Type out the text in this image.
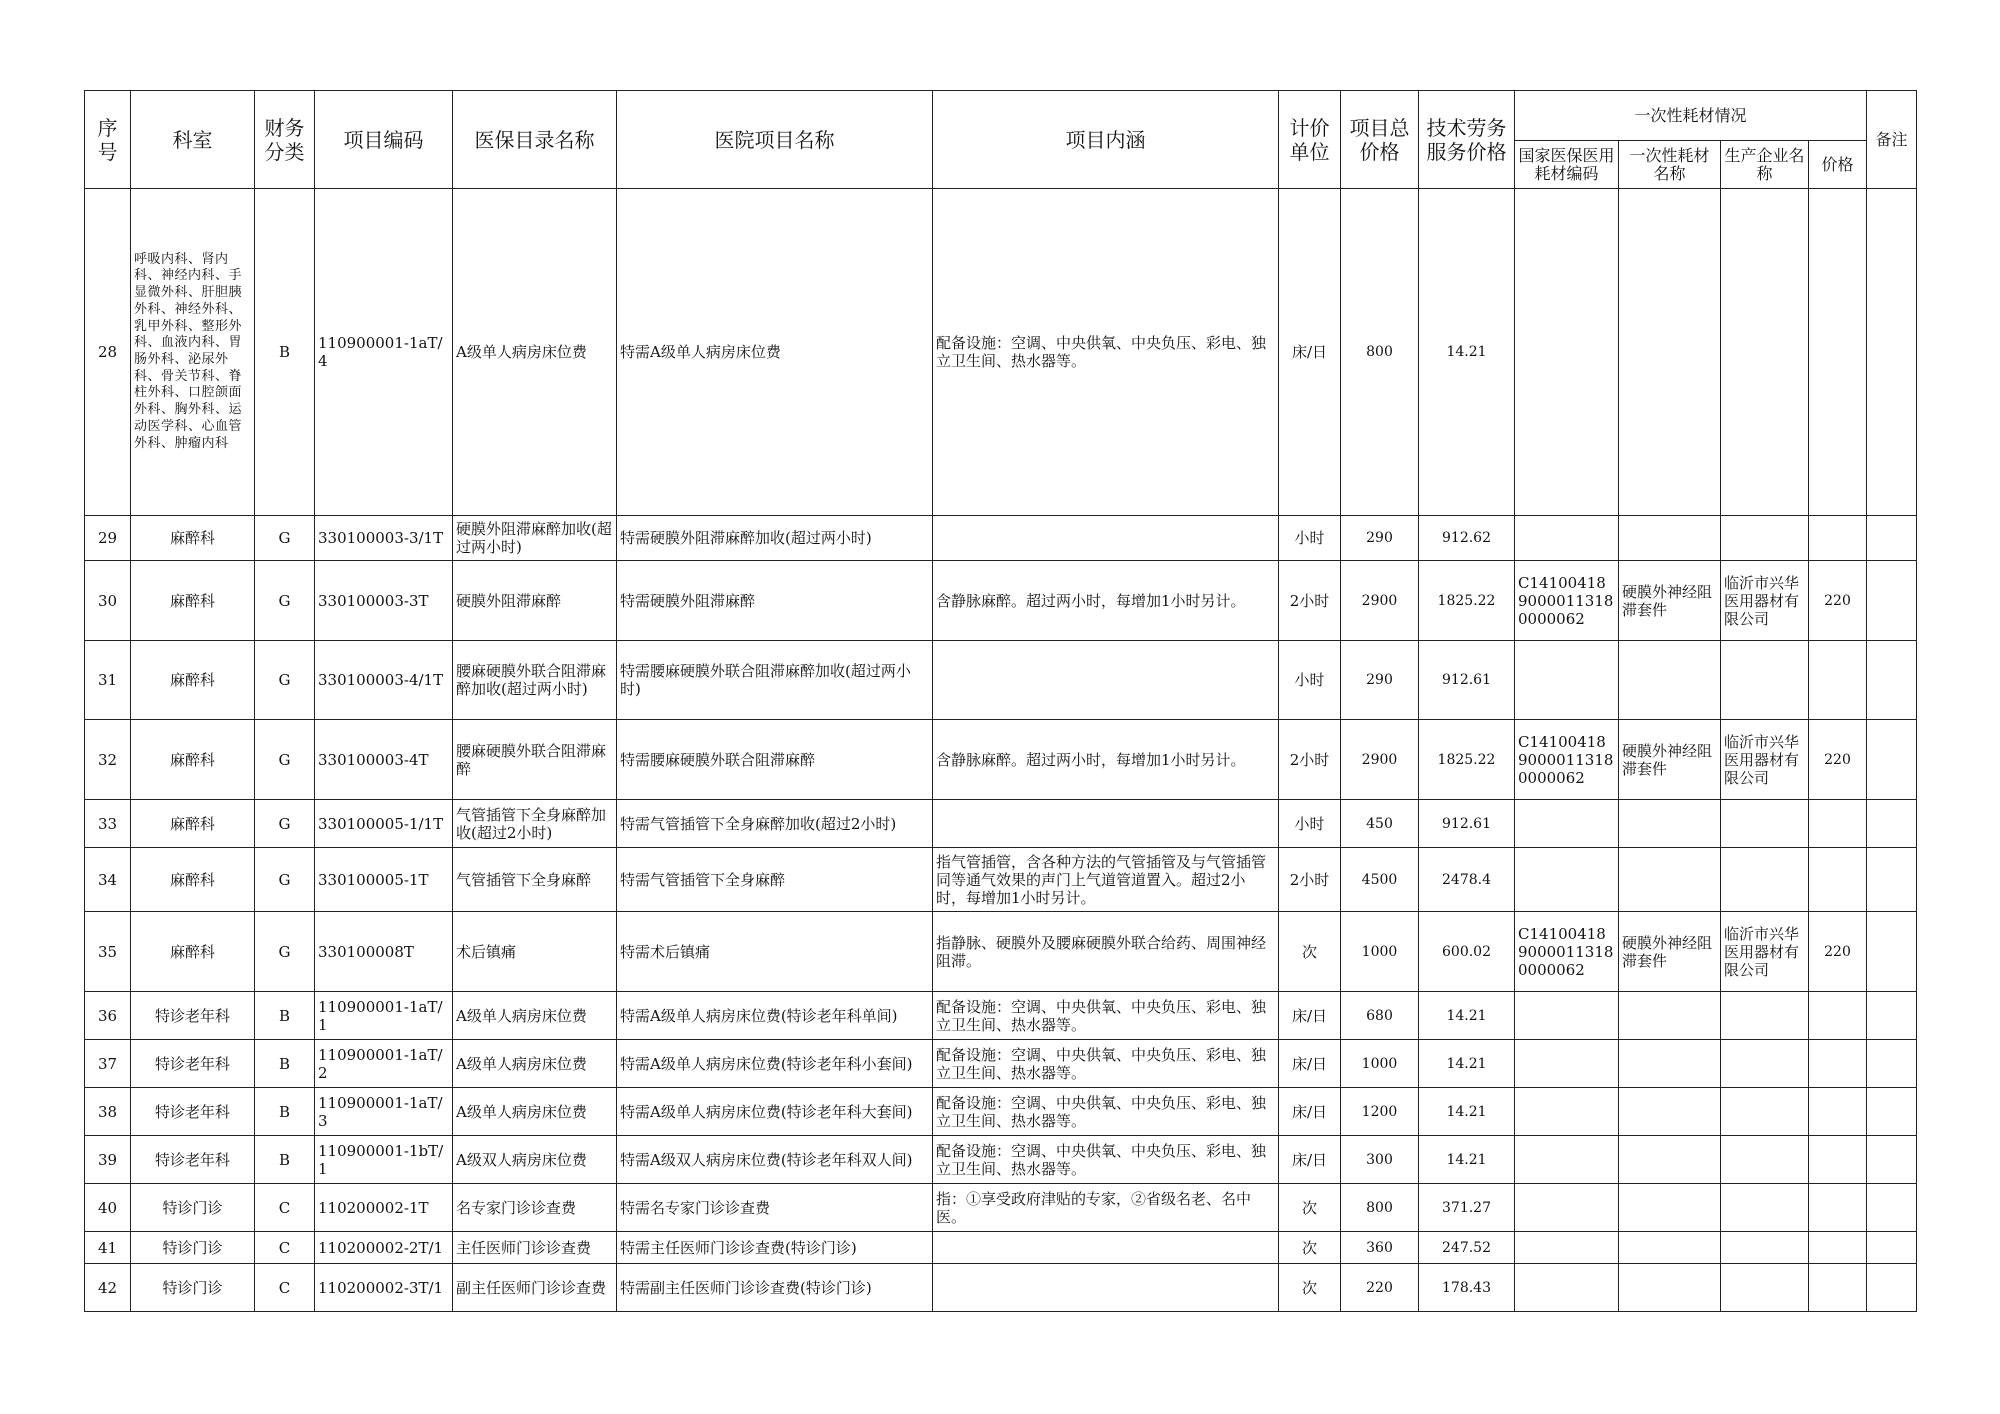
序号	科室	财务分类	项目编码	医保目录名称	医院项目名称	项目内涵	计价单位	项目总价格	技术劳务服务价格	一次性耗材情况				备注
										国家医保医用耗材编码	一次性耗材名称	生产企业名称	价格	
28	呼吸内科、肾内科、神经内科、手显微外科、肝胆胰外科、神经外科、乳甲外科、整形外科、血液内科、胃肠外科、泌尿外科、骨关节科、脊柱外科、口腔颌面外科、胸外科、运动医学科、心血管外科、肿瘤内科	B	110900001-1aT/4	A级单人病房床位费	特需A级单人病房床位费	配备设施：空调、中央供氧、中央负压、彩电、独立卫生间、热水器等。	床/日	800	14.21					
29	麻醉科	G	330100003-3/1T	硬膜外阻滞麻醉加收(超过两小时)	特需硬膜外阻滞麻醉加收(超过两小时)		小时	290	912.62					
30	麻醉科	G	330100003-3T	硬膜外阻滞麻醉	特需硬膜外阻滞麻醉	含静脉麻醉。超过两小时，每增加1小时另计。	2小时	2900	1825.22	C1410041890000113180000062	硬膜外神经阻滞套件	临沂市兴华医用器材有限公司	220	
31	麻醉科	G	330100003-4/1T	腰麻硬膜外联合阻滞麻醉加收(超过两小时)	特需腰麻硬膜外联合阻滞麻醉加收(超过两小时)		小时	290	912.61					
32	麻醉科	G	330100003-4T	腰麻硬膜外联合阻滞麻醉	特需腰麻硬膜外联合阻滞麻醉	含静脉麻醉。超过两小时，每增加1小时另计。	2小时	2900	1825.22	C1410041890000113180000062	硬膜外神经阻滞套件	临沂市兴华医用器材有限公司	220	
33	麻醉科	G	330100005-1/1T	气管插管下全身麻醉加收(超过2小时)	特需气管插管下全身麻醉加收(超过2小时)		小时	450	912.61					
34	麻醉科	G	330100005-1T	气管插管下全身麻醉	特需气管插管下全身麻醉	指气管插管，含各种方法的气管插管及与气管插管同等通气效果的声门上气道管道置入。超过2小时，每增加1小时另计。	2小时	4500	2478.4					
35	麻醉科	G	330100008T	术后镇痛	特需术后镇痛	指静脉、硬膜外及腰麻硬膜外联合给药、周围神经阻滞。	次	1000	600.02	C1410041890000113180000062	硬膜外神经阻滞套件	临沂市兴华医用器材有限公司	220	
36	特诊老年科	B	110900001-1aT/1	A级单人病房床位费	特需A级单人病房床位费(特诊老年科单间)	配备设施：空调、中央供氧、中央负压、彩电、独立卫生间、热水器等。	床/日	680	14.21					
37	特诊老年科	B	110900001-1aT/2	A级单人病房床位费	特需A级单人病房床位费(特诊老年科小套间)	配备设施：空调、中央供氧、中央负压、彩电、独立卫生间、热水器等。	床/日	1000	14.21					
38	特诊老年科	B	110900001-1aT/3	A级单人病房床位费	特需A级单人病房床位费(特诊老年科大套间)	配备设施：空调、中央供氧、中央负压、彩电、独立卫生间、热水器等。	床/日	1200	14.21					
39	特诊老年科	B	110900001-1bT/1	A级双人病房床位费	特需A级双人病房床位费(特诊老年科双人间)	配备设施：空调、中央供氧、中央负压、彩电、独立卫生间、热水器等。	床/日	300	14.21					
40	特诊门诊	C	110200002-1T	名专家门诊诊查费	特需名专家门诊诊查费	指：①享受政府津贴的专家，②省级名老、名中医。	次	800	371.27					
41	特诊门诊	C	110200002-2T/1	主任医师门诊诊查费	特需主任医师门诊诊查费(特诊门诊)		次	360	247.52					
42	特诊门诊	C	110200002-3T/1	副主任医师门诊诊查费	特需副主任医师门诊诊查费(特诊门诊)		次	220	178.43					
